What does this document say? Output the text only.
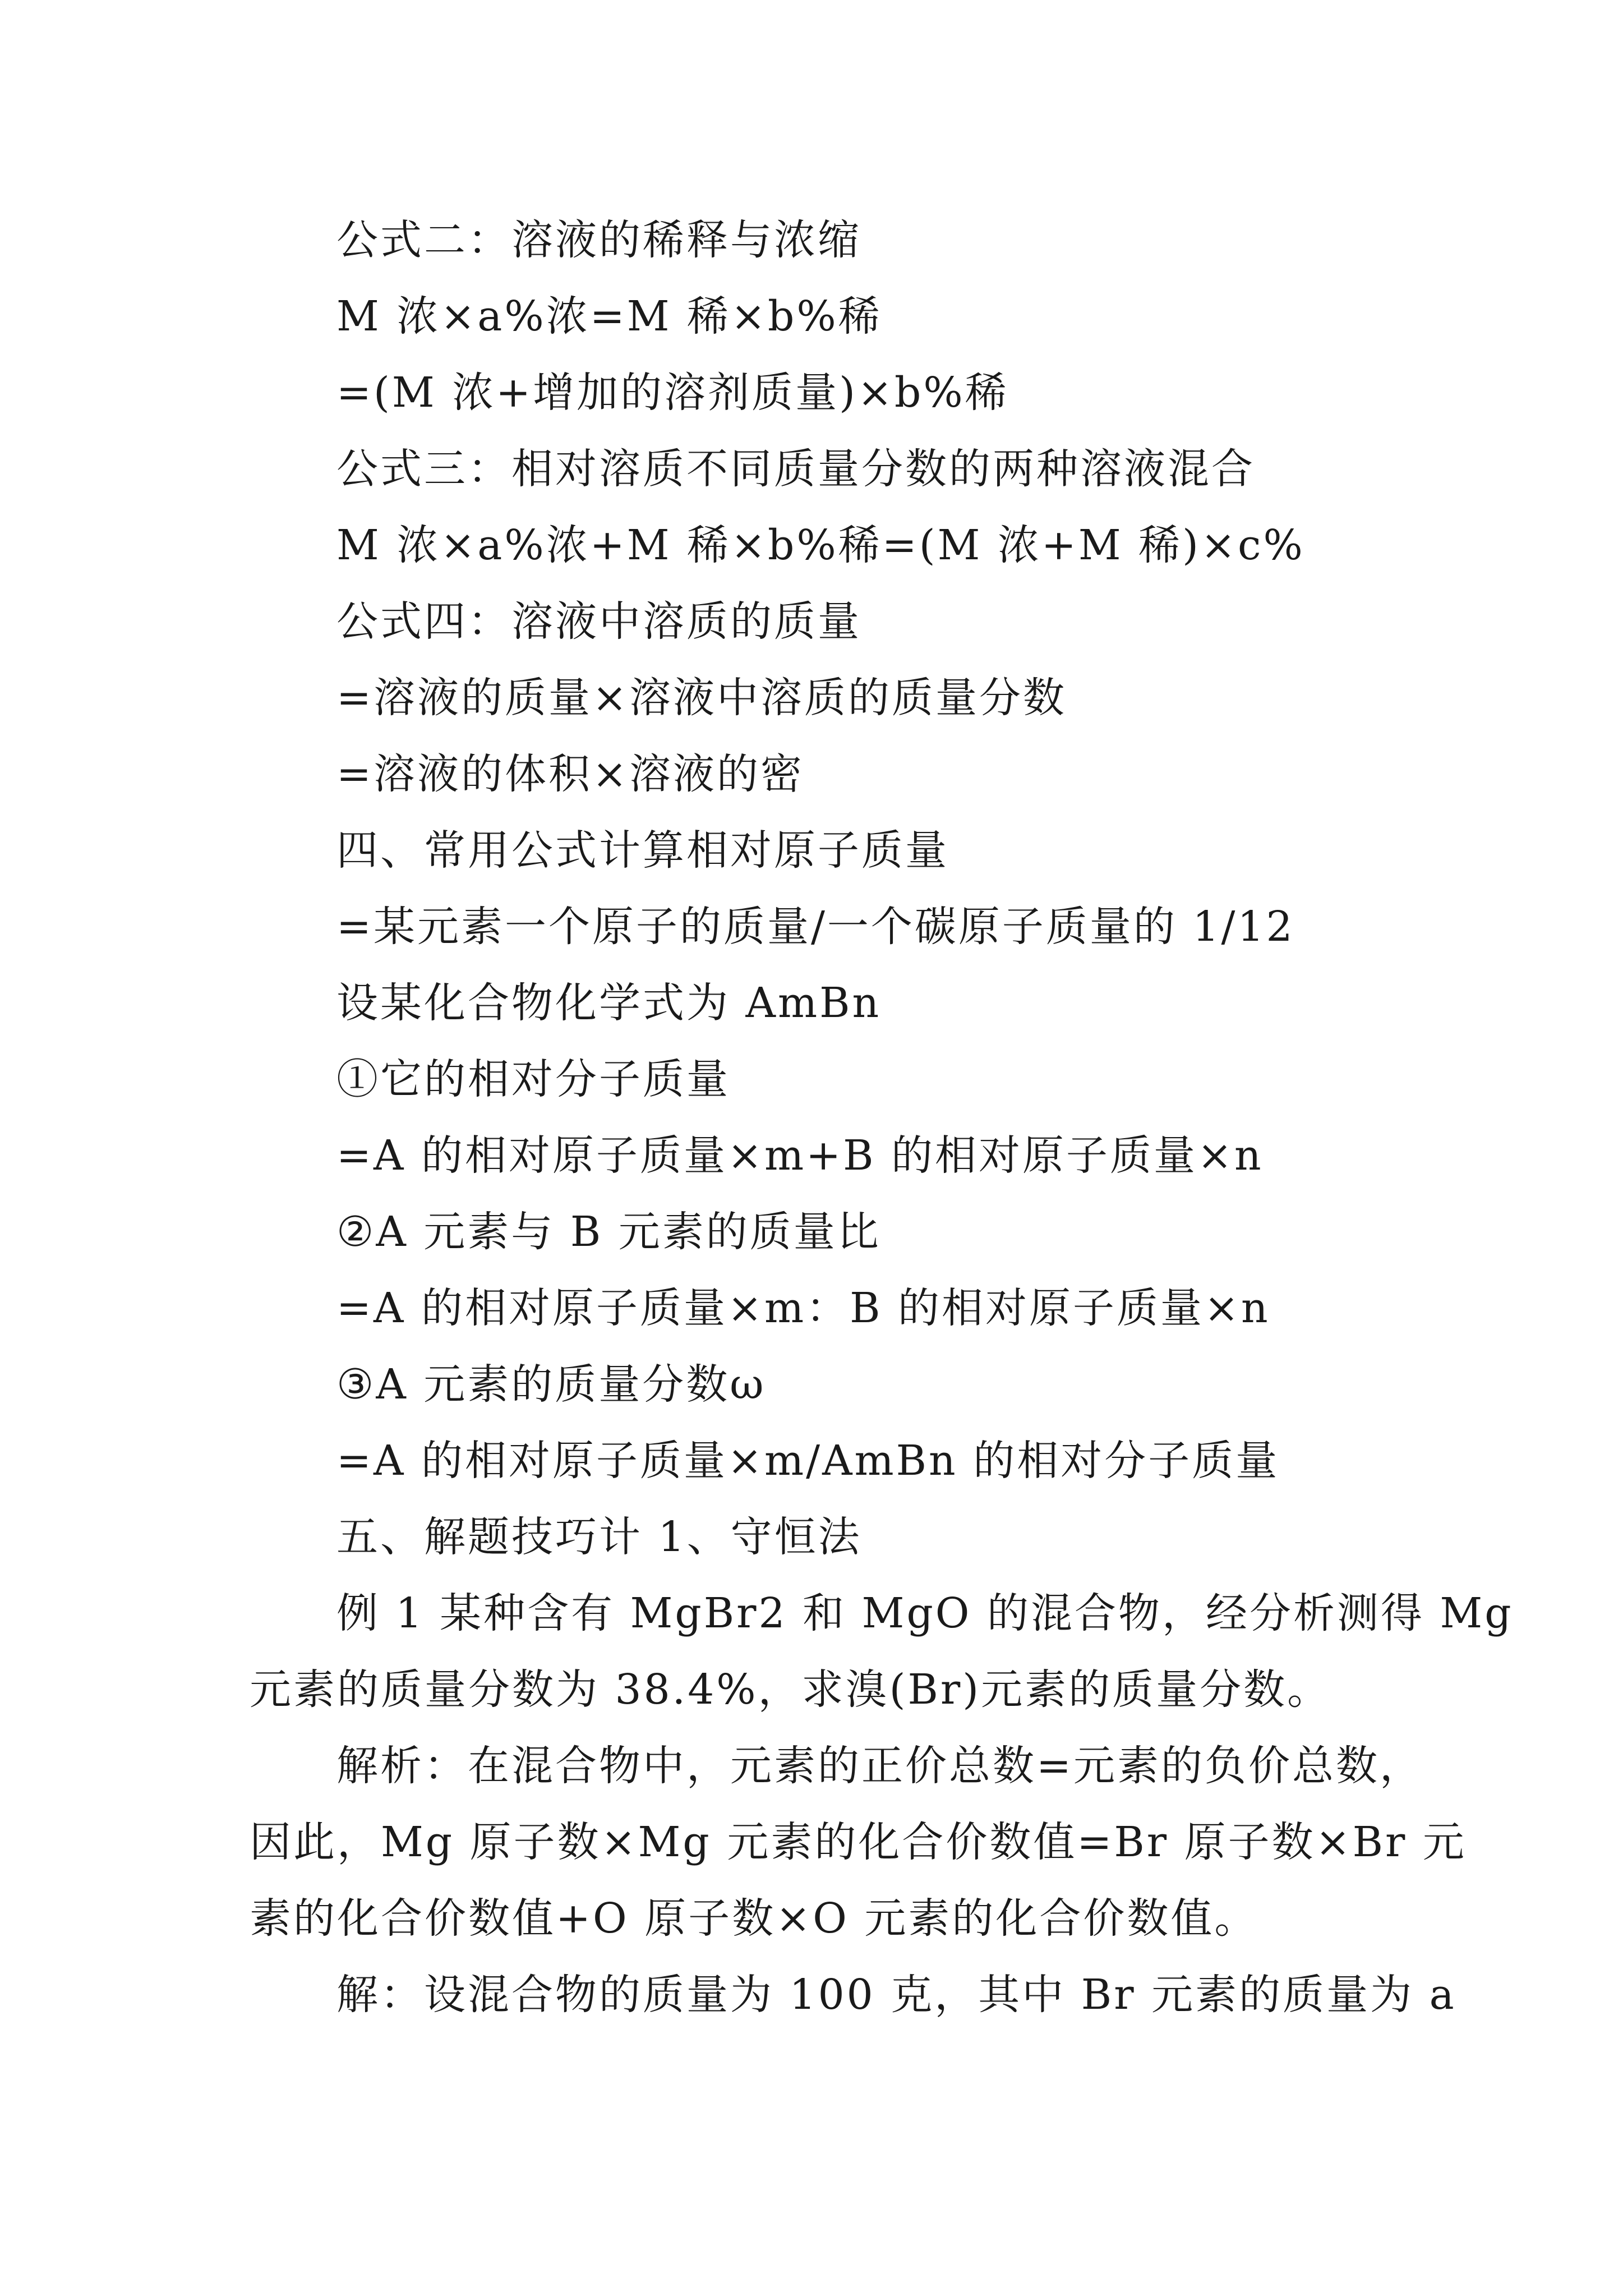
公式二：溶液的稀释与浓缩
M 浓×a%浓=M 稀×b%稀
=(M 浓+增加的溶剂质量)×b%稀
公式三：相对溶质不同质量分数的两种溶液混合
M 浓×a%浓+M 稀×b%稀=(M 浓+M 稀)×c%
公式四：溶液中溶质的质量
=溶液的质量×溶液中溶质的质量分数
=溶液的体积×溶液的密
四、常用公式计算相对原子质量
=某元素一个原子的质量/一个碳原子质量的 1/12
设某化合物化学式为 AmBn
①它的相对分子质量
=A 的相对原子质量×m+B 的相对原子质量×n
②A 元素与 B 元素的质量比
=A 的相对原子质量×m：B 的相对原子质量×n
③A 元素的质量分数ω
=A 的相对原子质量×m/AmBn 的相对分子质量
五、解题技巧计 1、守恒法
例 1 某种含有 MgBr2 和 MgO 的混合物，经分析测得 Mg
元素的质量分数为 38.4%，求溴(Br)元素的质量分数。
解析：在混合物中，元素的正价总数=元素的负价总数，
因此，Mg 原子数×Mg 元素的化合价数值=Br 原子数×Br 元
素的化合价数值+O 原子数×O 元素的化合价数值。
解：设混合物的质量为 100 克，其中 Br 元素的质量为 a
